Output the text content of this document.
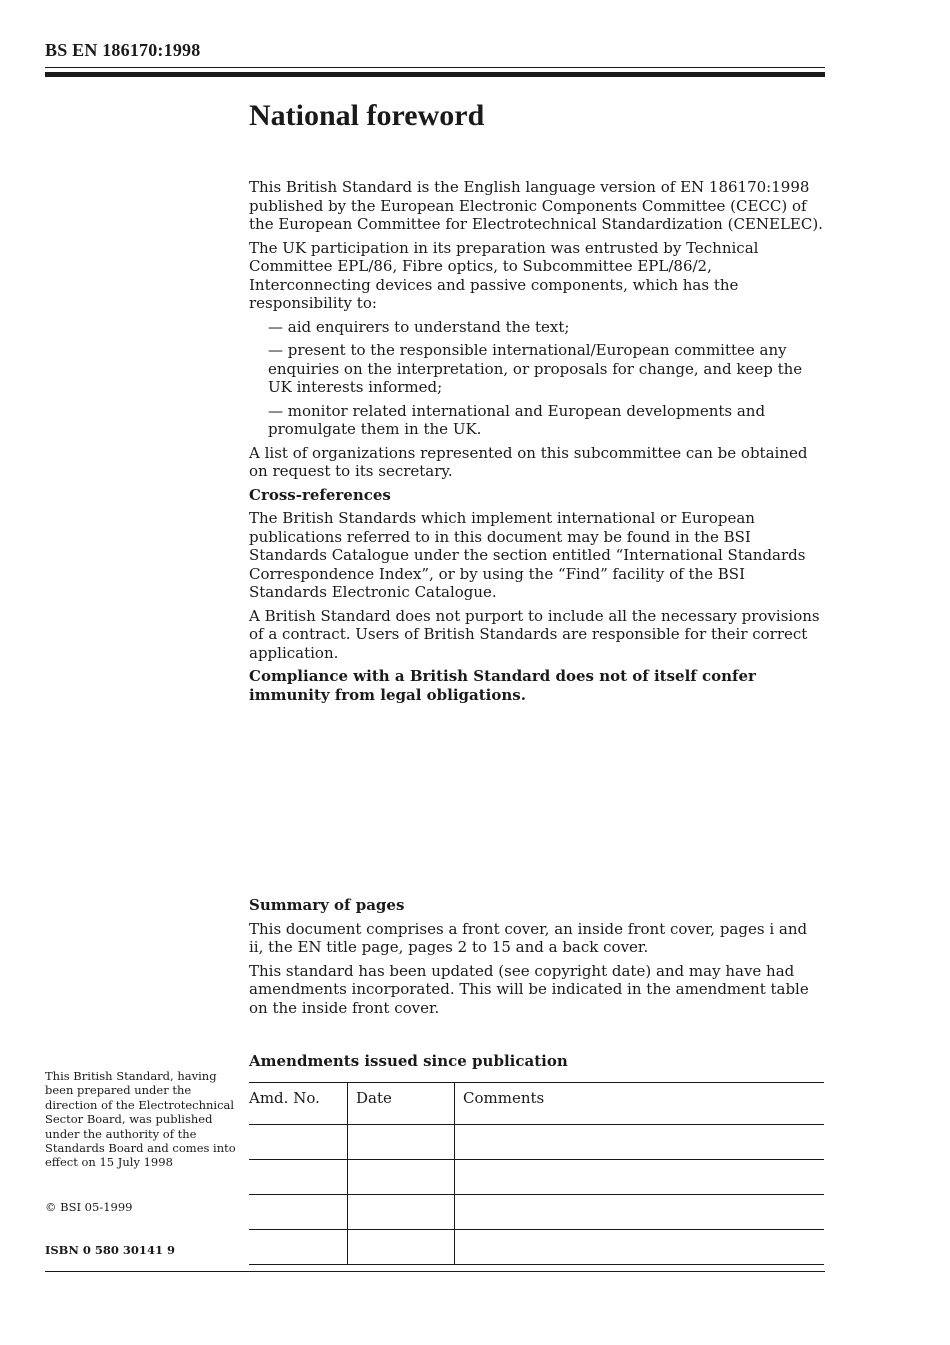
BS EN 186170:1998
National foreword

This British Standard is the English language version of EN 186170:1998 published by the European Electronic Components Committee (CECC) of the European Committee for Electrotechnical Standardization (CENELEC).

The UK participation in its preparation was entrusted by Technical Committee EPL/86, Fibre optics, to Subcommittee EPL/86/2, Interconnecting devices and passive components, which has the responsibility to:

— aid enquirers to understand the text;

— present to the responsible international/European committee any enquiries on the interpretation, or proposals for change, and keep the UK interests informed;

— monitor related international and European developments and promulgate them in the UK.

A list of organizations represented on this subcommittee can be obtained on request to its secretary.

Cross-references

The British Standards which implement international or European publications referred to in this document may be found in the BSI Standards Catalogue under the section entitled “International Standards Correspondence Index”, or by using the “Find” facility of the BSI Standards Electronic Catalogue.

A British Standard does not purport to include all the necessary provisions of a contract. Users of British Standards are responsible for their correct application.

Compliance with a British Standard does not of itself confer immunity from legal obligations.

Summary of pages

This document comprises a front cover, an inside front cover, pages i and ii, the EN title page, pages 2 to 15 and a back cover.

This standard has been updated (see copyright date) and may have had amendments incorporated. This will be indicated in the amendment table on the inside front cover.

Amendments issued since publication
Amd. No.	Date	Comments

This British Standard, having been prepared under the direction of the Electrotechnical Sector Board, was published under the authority of the Standards Board and comes into effect on 15 July 1998

© BSI 05-1999
ISBN 0 580 30141 9
